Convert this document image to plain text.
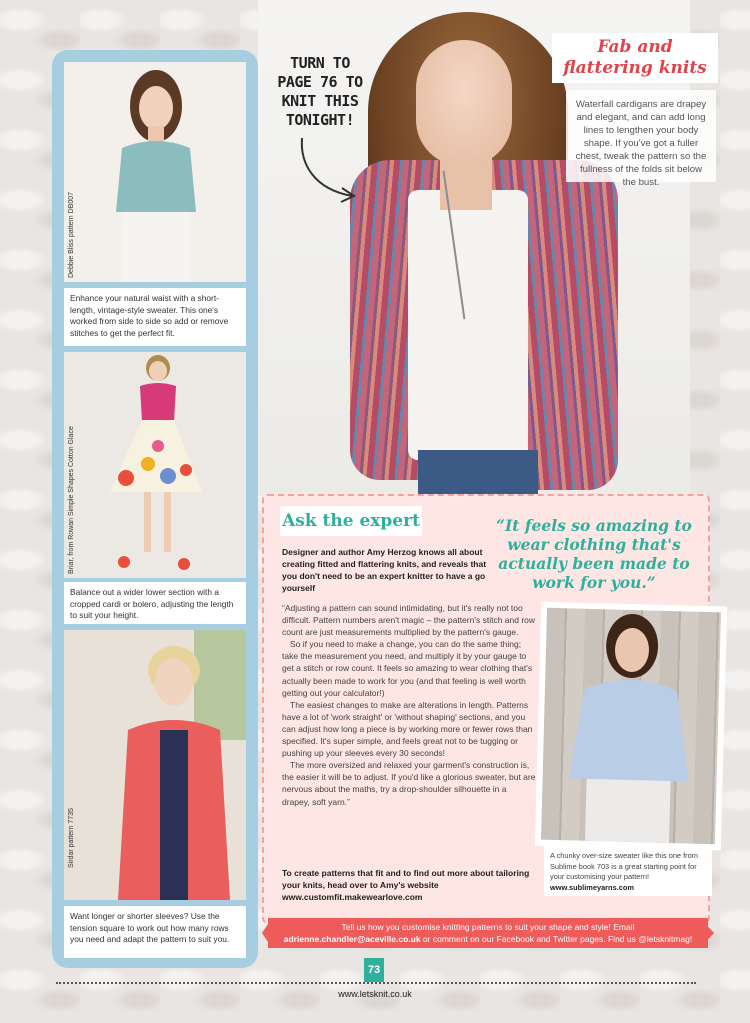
TURN TO PAGE 76 TO KNIT THIS TONIGHT!
Fab and flattering knits
Waterfall cardigans are drapey and elegant, and can add long lines to lengthen your body shape. If you've got a fuller chest, tweak the pattern so the fullness of the folds sit below the bust.
Debbie Bliss pattern DB007
Enhance your natural waist with a short-length, vintage-style sweater. This one's worked from side to side so add or remove stitches to get the perfect fit.
Briar, from Rowan Simple Shapes Cotton Glace
Balance out a wider lower section with a cropped cardi or bolero, adjusting the length to suit your height.
Sirdar pattern 7735
Want longer or shorter sleeves? Use the tension square to work out how many rows you need and adapt the pattern to suit you.
Ask the expert
Designer and author Amy Herzog knows all about creating fitted and flattering knits, and reveals that you don't need to be an expert knitter to have a go yourself

“Adjusting a pattern can sound intimidating, but it's really not too difficult. Pattern numbers aren't magic – the pattern's stitch and row count are just measurements multiplied by the pattern's gauge.

So if you need to make a change, you can do the same thing; take the measurement you need, and multiply it by your gauge to get a stitch or row count. It feels so amazing to wear clothing that's actually been made to work for you (and that feeling is well worth getting out your calculator!)

The easiest changes to make are alterations in length. Patterns have a lot of 'work straight' or 'without shaping' sections, and you can adjust how long a piece is by working more or fewer rows than specified. It's super simple, and feels great not to be tugging or pushing up your sleeves every 30 seconds!

The more oversized and relaxed your garment's construction is, the easier it will be to adjust. If you'd like a glorious sweater, but are nervous about the maths, try a drop-shoulder silhouette in a drapey, soft yarn.”

To create patterns that fit and to find out more about tailoring your knits, head over to Amy's website www.customfit.makewearlove.com
“It feels so amazing to wear clothing that's actually been made to work for you.”
A chunky over-size sweater like this one from Sublime book 703 is a great starting point for your customising your pattern! www.sublimeyarns.com
Tell us how you customise knitting patterns to suit your shape and style! Email adrienne.chandler@aceville.co.uk or comment on our Facebook and Twitter pages. Find us @letsknitmag!
73
www.letsknit.co.uk
